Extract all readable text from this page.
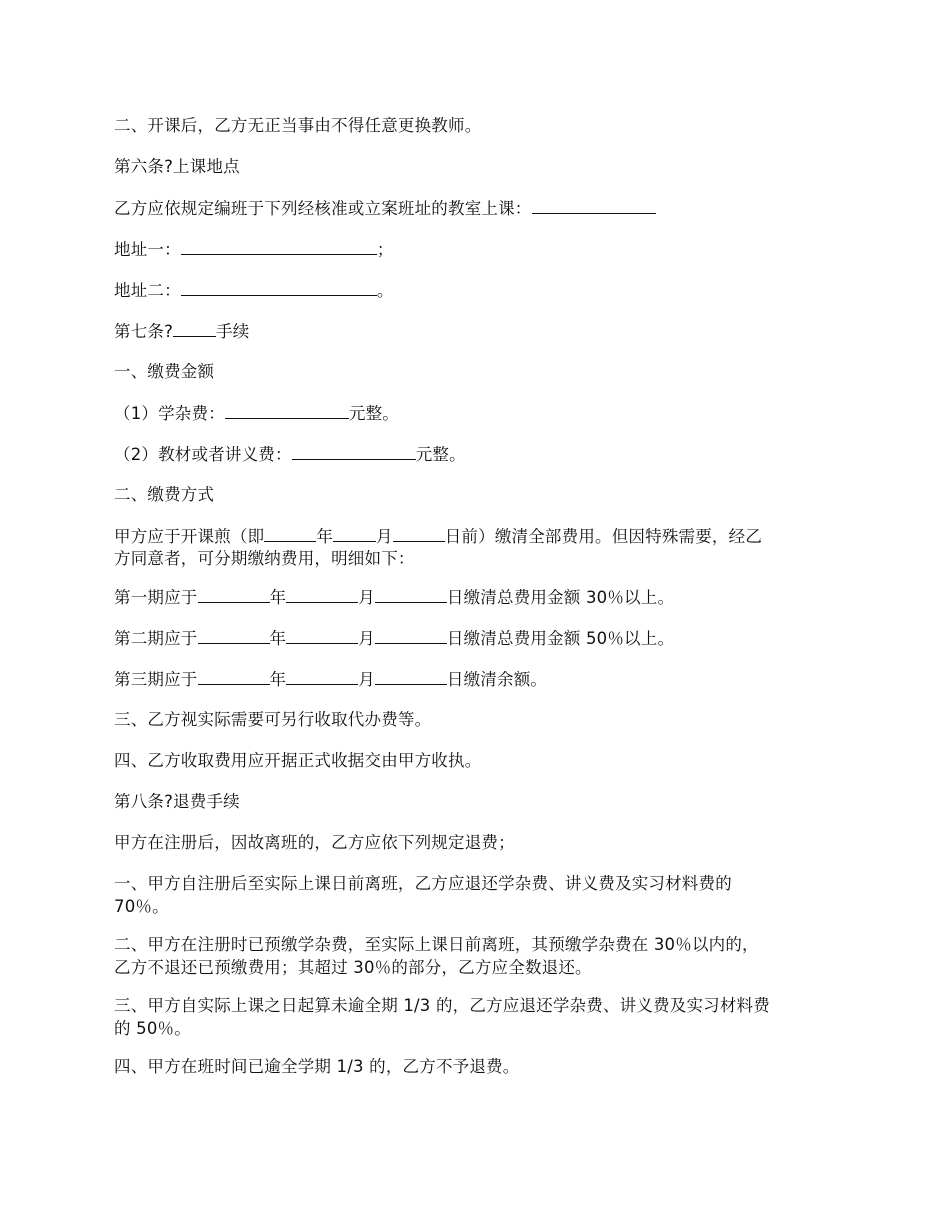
二、开课后，乙方无正当事由不得任意更换教师。
第六条?上课地点
乙方应依规定编班于下列经核准或立案班址的教室上课：
地址一：	；
地址二：	。
第七条?	手续
一、缴费金额
（1）学杂费：	元整。
（2）教材或者讲义费：	元整。
二、缴费方式
甲方应于开课煎（即	年	月	日前）缴清全部费用。但因特殊需要，经乙
方同意者，可分期缴纳费用，明细如下：
第一期应于	年	月	日缴清总费用金额 30％以上。
第二期应于	年	月	日缴清总费用金额 50％以上。
第三期应于	年	月	日缴清余额。
三、乙方视实际需要可另行收取代办费等。
四、乙方收取费用应开据正式收据交由甲方收执。
第八条?退费手续
甲方在注册后，因故离班的，乙方应依下列规定退费；
一、甲方自注册后至实际上课日前离班，乙方应退还学杂费、讲义费及实习材料费的
70％。
二、甲方在注册时已预缴学杂费，至实际上课日前离班，其预缴学杂费在 30％以内的，
乙方不退还已预缴费用；其超过 30％的部分，乙方应全数退还。
三、甲方自实际上课之日起算未逾全期 1/3 的，乙方应退还学杂费、讲义费及实习材料费
的 50％。
四、甲方在班时间已逾全学期 1/3 的，乙方不予退费。
